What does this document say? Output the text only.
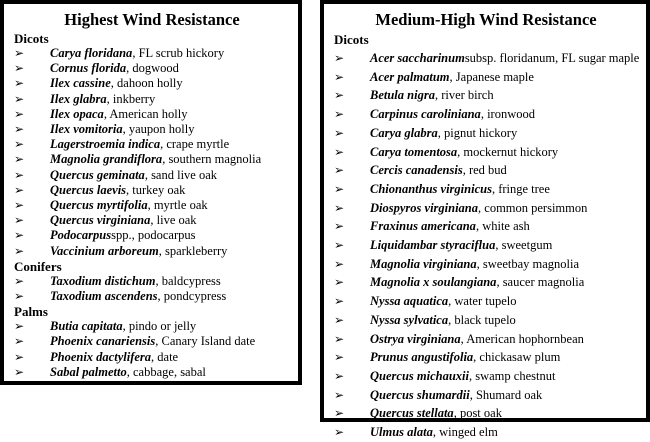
Highest Wind Resistance
Dicots
➢	Carya floridana , FL scrub hickory
➢	Cornus florida , dogwood
➢	Ilex cassine , dahoon holly
➢	Ilex glabra , inkberry
➢	Ilex opaca , American holly
➢	Ilex vomitoria , yaupon holly
➢	Lagerstroemia indica , crape myrtle
➢	Magnolia grandiflora , southern magnolia
➢	Quercus geminata , sand live oak
➢	Quercus laevis , turkey oak
➢	Quercus myrtifolia , myrtle oak
➢	Quercus virginiana , live oak
➢	Podocarpus spp., podocarpus
➢	Vaccinium arboreum , sparkleberry
Conifers
➢	Taxodium distichum , baldcypress
➢	Taxodium ascendens , pondcypress
Palms
➢	Butia capitata , pindo or jelly
➢	Phoenix canariensis , Canary Island date
➢	Phoenix dactylifera , date
➢	Sabal palmetto , cabbage, sabal
Medium-High Wind Resistance
Dicots
➢	Acer saccharinum subsp. floridanum, FL sugar maple
➢	Acer palmatum , Japanese maple
➢	Betula nigra , river birch
➢	Carpinus caroliniana , ironwood
➢	Carya glabra , pignut hickory
➢	Carya tomentosa , mockernut hickory
➢	Cercis canadensis , red bud
➢	Chionanthus virginicus , fringe tree
➢	Diospyros virginiana , common persimmon
➢	Fraxinus americana , white ash
➢	Liquidambar styraciflua , sweetgum
➢	Magnolia virginiana , sweetbay magnolia
➢	Magnolia x soulangiana , saucer magnolia
➢	Nyssa aquatica , water tupelo
➢	Nyssa sylvatica , black tupelo
➢	Ostrya virginiana , American hophornbean
➢	Prunus angustifolia , chickasaw plum
➢	Quercus michauxii , swamp chestnut
➢	Quercus shumardii , Shumard oak
➢	Quercus stellata , post oak
➢	Ulmus alata , winged elm
